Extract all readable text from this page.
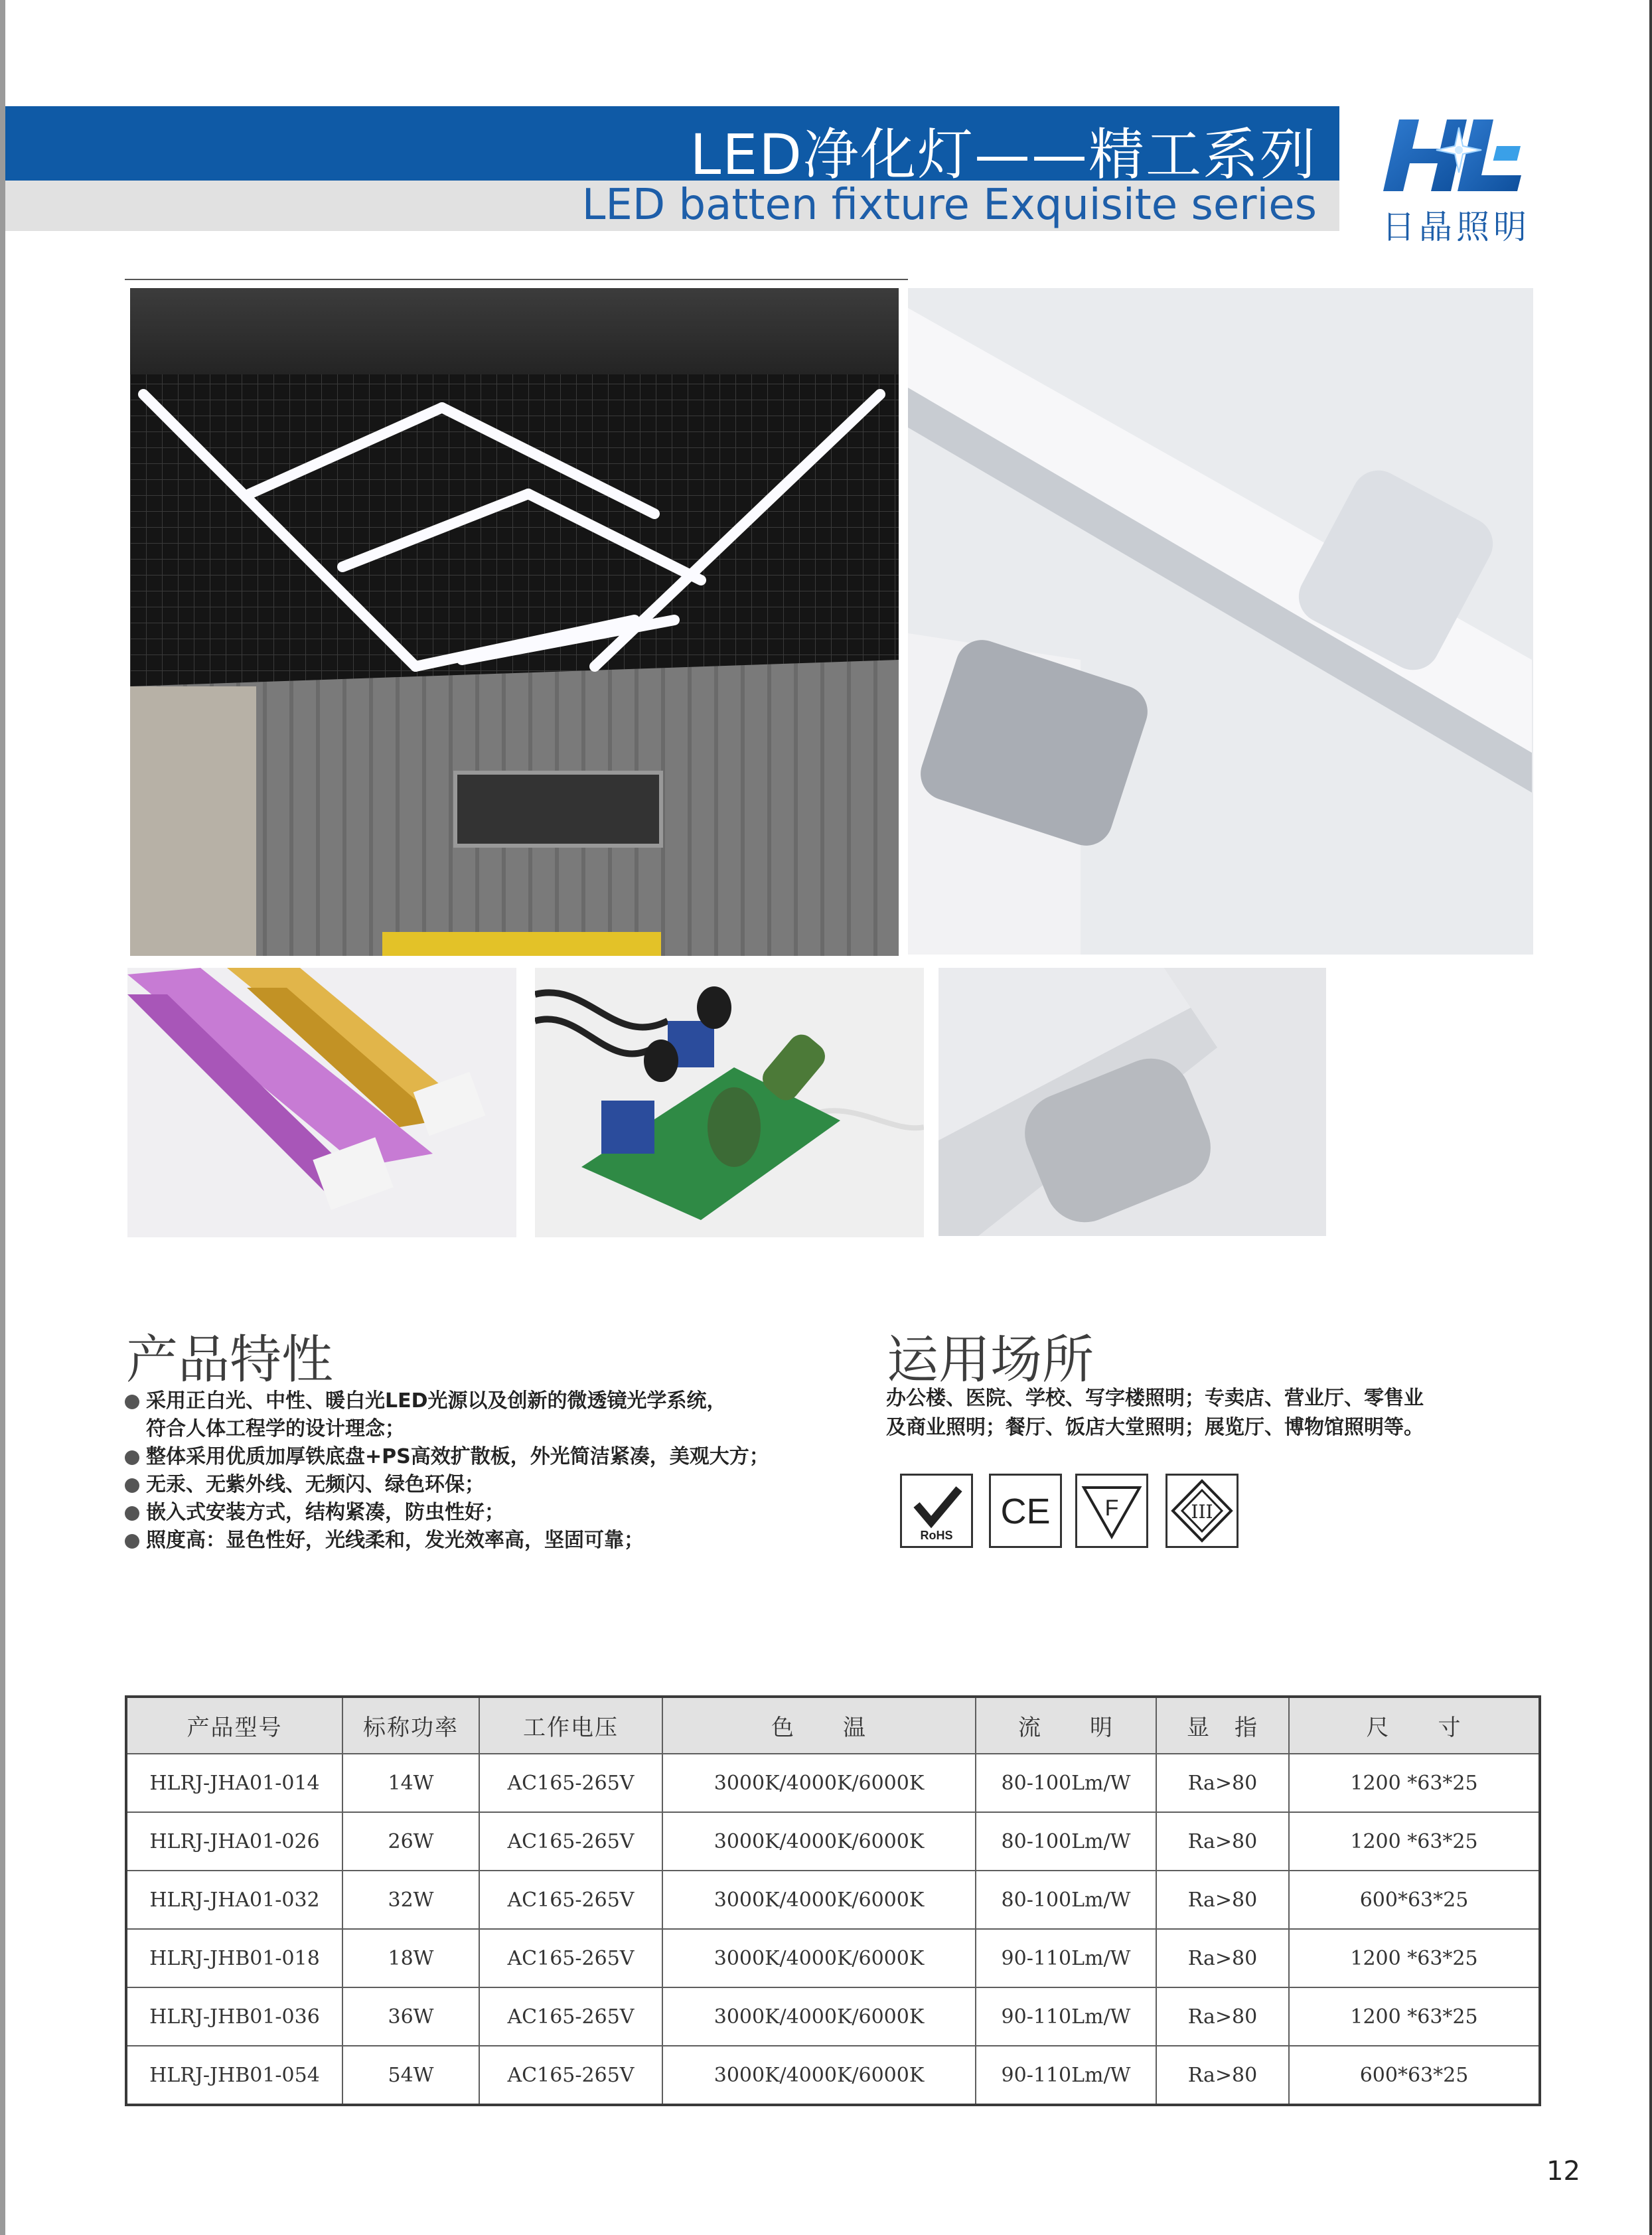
LED净化灯——精工系列
LED batten fixture Exquisite series 日晶照明
产品特性
采用正白光、中性、暖白光LED光源以及创新的微透镜光学系统，
符合人体工程学的设计理念；
整体采用优质加厚铁底盘+PS高效扩散板，外光简洁紧凑，美观大方；
无汞、无紫外线、无频闪、绿色环保；
嵌入式安装方式，结构紧凑，防虫性好；
照度高：显色性好，光线柔和，发光效率高，坚固可靠；
运用场所
办公楼、医院、学校、写字楼照明；专卖店、营业厅、零售业
及商业照明；餐厅、饭店大堂照明；展览厅、博物馆照明等。
RoHS
CE F	III
产品型号	标称功率	工作电压	色　　温	流　　明	显　指	尺　　寸
HLRJ-JHA01-014	14W	AC165-265V	3000K/4000K/6000K	80-100Lm/W	Ra>80	1200 *63*25
HLRJ-JHA01-026	26W	AC165-265V	3000K/4000K/6000K	80-100Lm/W	Ra>80	1200 *63*25
HLRJ-JHA01-032	32W	AC165-265V	3000K/4000K/6000K	80-100Lm/W	Ra>80	600*63*25
HLRJ-JHB01-018	18W	AC165-265V	3000K/4000K/6000K	90-110Lm/W	Ra>80	1200 *63*25
HLRJ-JHB01-036	36W	AC165-265V	3000K/4000K/6000K	90-110Lm/W	Ra>80	1200 *63*25
HLRJ-JHB01-054	54W	AC165-265V	3000K/4000K/6000K	90-110Lm/W	Ra>80	600*63*25
12
